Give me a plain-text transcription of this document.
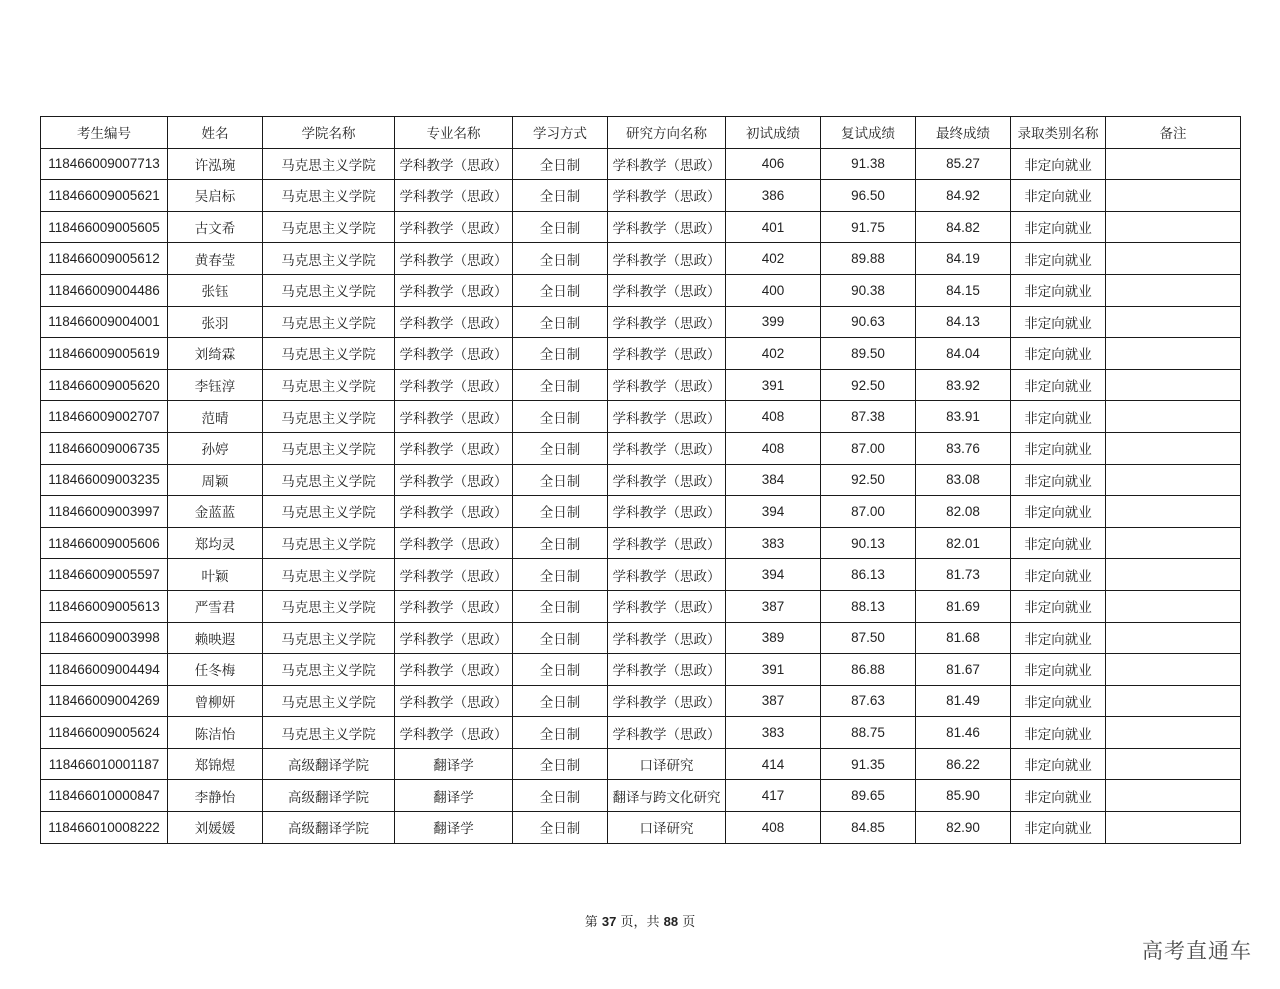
考生编号	姓名	学院名称	专业名称	学习方式	研究方向名称	初试成绩	复试成绩	最终成绩	录取类别名称	备注
118466009007713	许泓琬	马克思主义学院	学科教学（思政）	全日制	学科教学（思政）	406	91.38	85.27	非定向就业	
118466009005621	吴启标	马克思主义学院	学科教学（思政）	全日制	学科教学（思政）	386	96.50	84.92	非定向就业	
118466009005605	古文希	马克思主义学院	学科教学（思政）	全日制	学科教学（思政）	401	91.75	84.82	非定向就业	
118466009005612	黄春莹	马克思主义学院	学科教学（思政）	全日制	学科教学（思政）	402	89.88	84.19	非定向就业	
118466009004486	张钰	马克思主义学院	学科教学（思政）	全日制	学科教学（思政）	400	90.38	84.15	非定向就业	
118466009004001	张羽	马克思主义学院	学科教学（思政）	全日制	学科教学（思政）	399	90.63	84.13	非定向就业	
118466009005619	刘绮霖	马克思主义学院	学科教学（思政）	全日制	学科教学（思政）	402	89.50	84.04	非定向就业	
118466009005620	李钰淳	马克思主义学院	学科教学（思政）	全日制	学科教学（思政）	391	92.50	83.92	非定向就业	
118466009002707	范晴	马克思主义学院	学科教学（思政）	全日制	学科教学（思政）	408	87.38	83.91	非定向就业	
118466009006735	孙婷	马克思主义学院	学科教学（思政）	全日制	学科教学（思政）	408	87.00	83.76	非定向就业	
118466009003235	周颖	马克思主义学院	学科教学（思政）	全日制	学科教学（思政）	384	92.50	83.08	非定向就业	
118466009003997	金蓝蓝	马克思主义学院	学科教学（思政）	全日制	学科教学（思政）	394	87.00	82.08	非定向就业	
118466009005606	郑均灵	马克思主义学院	学科教学（思政）	全日制	学科教学（思政）	383	90.13	82.01	非定向就业	
118466009005597	叶颖	马克思主义学院	学科教学（思政）	全日制	学科教学（思政）	394	86.13	81.73	非定向就业	
118466009005613	严雪君	马克思主义学院	学科教学（思政）	全日制	学科教学（思政）	387	88.13	81.69	非定向就业	
118466009003998	赖映遐	马克思主义学院	学科教学（思政）	全日制	学科教学（思政）	389	87.50	81.68	非定向就业	
118466009004494	任冬梅	马克思主义学院	学科教学（思政）	全日制	学科教学（思政）	391	86.88	81.67	非定向就业	
118466009004269	曾柳妍	马克思主义学院	学科教学（思政）	全日制	学科教学（思政）	387	87.63	81.49	非定向就业	
118466009005624	陈洁怡	马克思主义学院	学科教学（思政）	全日制	学科教学（思政）	383	88.75	81.46	非定向就业	
118466010001187	郑锦煜	高级翻译学院	翻译学	全日制	口译研究	414	91.35	86.22	非定向就业	
118466010000847	李静怡	高级翻译学院	翻译学	全日制	翻译与跨文化研究	417	89.65	85.90	非定向就业	
118466010008222	刘媛媛	高级翻译学院	翻译学	全日制	口译研究	408	84.85	82.90	非定向就业	
第 37 页，共 88 页
高考直通车
